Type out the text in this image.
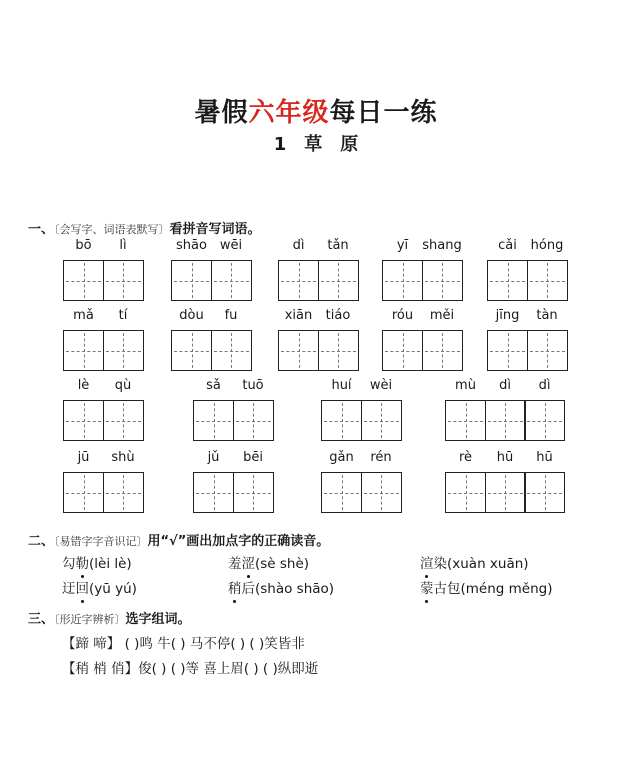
暑假六年级每日一练
1 草 原
一、〔会写字、词语表默写〕看拼音写词语。
bō	lì	shāo wēi	dì	tǎn	yī	shang	cǎi	hóng
mǎ	tí	dòu	fu	xiān	tiáo	róu	měi	jīng	tàn
lè	qù	sǎ	tuō	huí	wèi	mù	dì	dì
jū	shù	jǔ	bēi	gǎn	rén	rè	hū	hū
二、〔易错字字音识记〕用“√”画出加点字的正确读音。
勾勒(lèi lè)	羞涩(sè shè)	渲染(xuàn xuān)
迂回(yū yú)	稍后(shào shāo)	蒙古包(méng měng)
三、〔形近字辨析〕选字组词。
【蹄 啼】 ( )鸣 牛( ) 马不停( ) ( )笑皆非
【稍 梢 俏】俊( ) ( )等 喜上眉( ) ( )纵即逝
